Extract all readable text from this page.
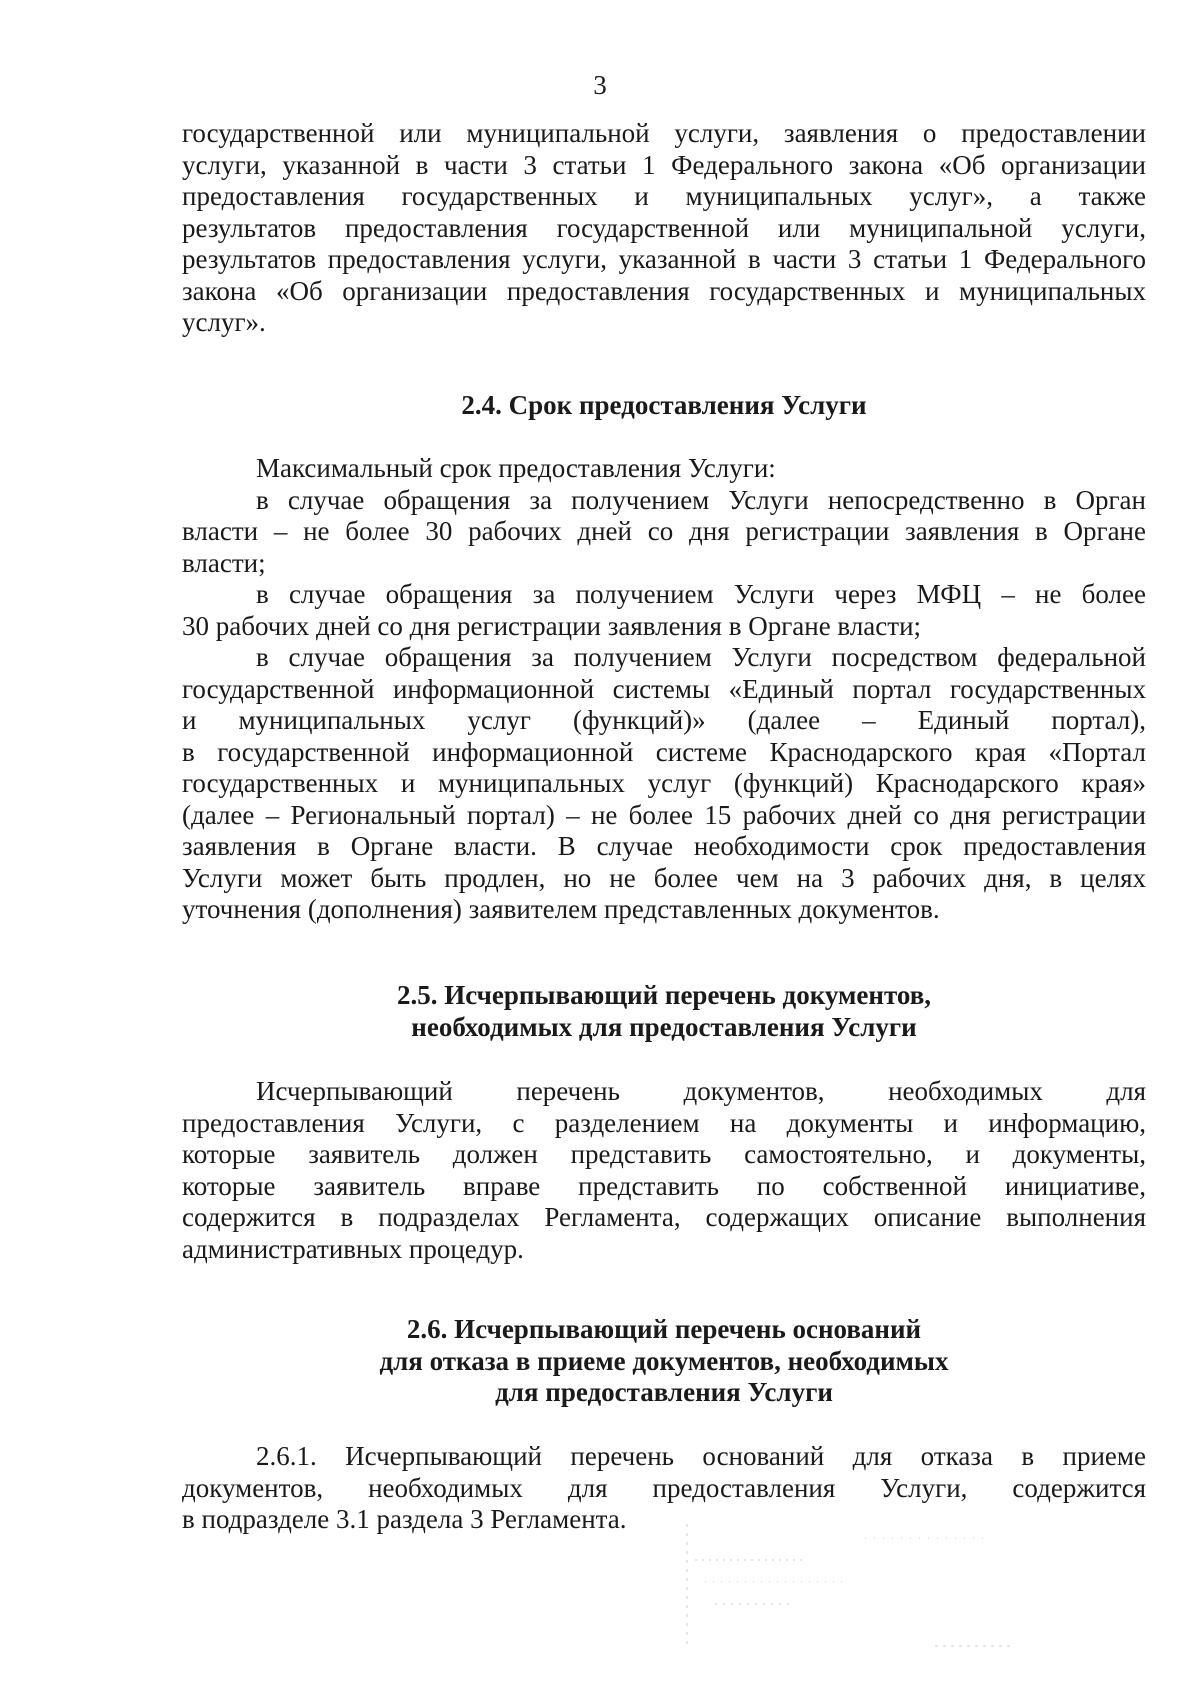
3

государственной или муниципальной услуги, заявления о предоставлении

услуги, указанной в части 3 статьи 1 Федерального закона «Об организации

предоставления государственных и муниципальных услуг», а также

результатов предоставления государственной или муниципальной услуги,

результатов предоставления услуги, указанной в части 3 статьи 1 Федерального

закона «Об организации предоставления государственных и муниципальных

услуг».

2.4. Срок предоставления Услуги

Максимальный срок предоставления Услуги:

в случае обращения за получением Услуги непосредственно в Орган

власти – не более 30 рабочих дней со дня регистрации заявления в Органе

власти;

в случае обращения за получением Услуги через МФЦ – не более

30 рабочих дней со дня регистрации заявления в Органе власти;

в случае обращения за получением Услуги посредством федеральной

государственной информационной системы «Единый портал государственных

и муниципальных услуг (функций)» (далее – Единый портал),

в государственной информационной системе Краснодарского края «Портал

государственных и муниципальных услуг (функций) Краснодарского края»

(далее – Региональный портал) – не более 15 рабочих дней со дня регистрации

заявления в Органе власти. В случае необходимости срок предоставления

Услуги может быть продлен, но не более чем на 3 рабочих дня, в целях

уточнения (дополнения) заявителем представленных документов.

2.5. Исчерпывающий перечень документов,
необходимых для предоставления Услуги

Исчерпывающий перечень документов, необходимых для

предоставления Услуги, с разделением на документы и информацию,

которые заявитель должен представить самостоятельно, и документы,

которые заявитель вправе представить по собственной инициативе,

содержится в подразделах Регламента, содержащих описание выполнения

административных процедур.

2.6. Исчерпывающий перечень оснований
для отказа в приеме документов, необходимых
для предоставления Услуги

2.6.1. Исчерпывающий перечень оснований для отказа в приеме

документов, необходимых для предоставления Услуги, содержится

в подразделе 3.1 раздела 3 Регламента.
